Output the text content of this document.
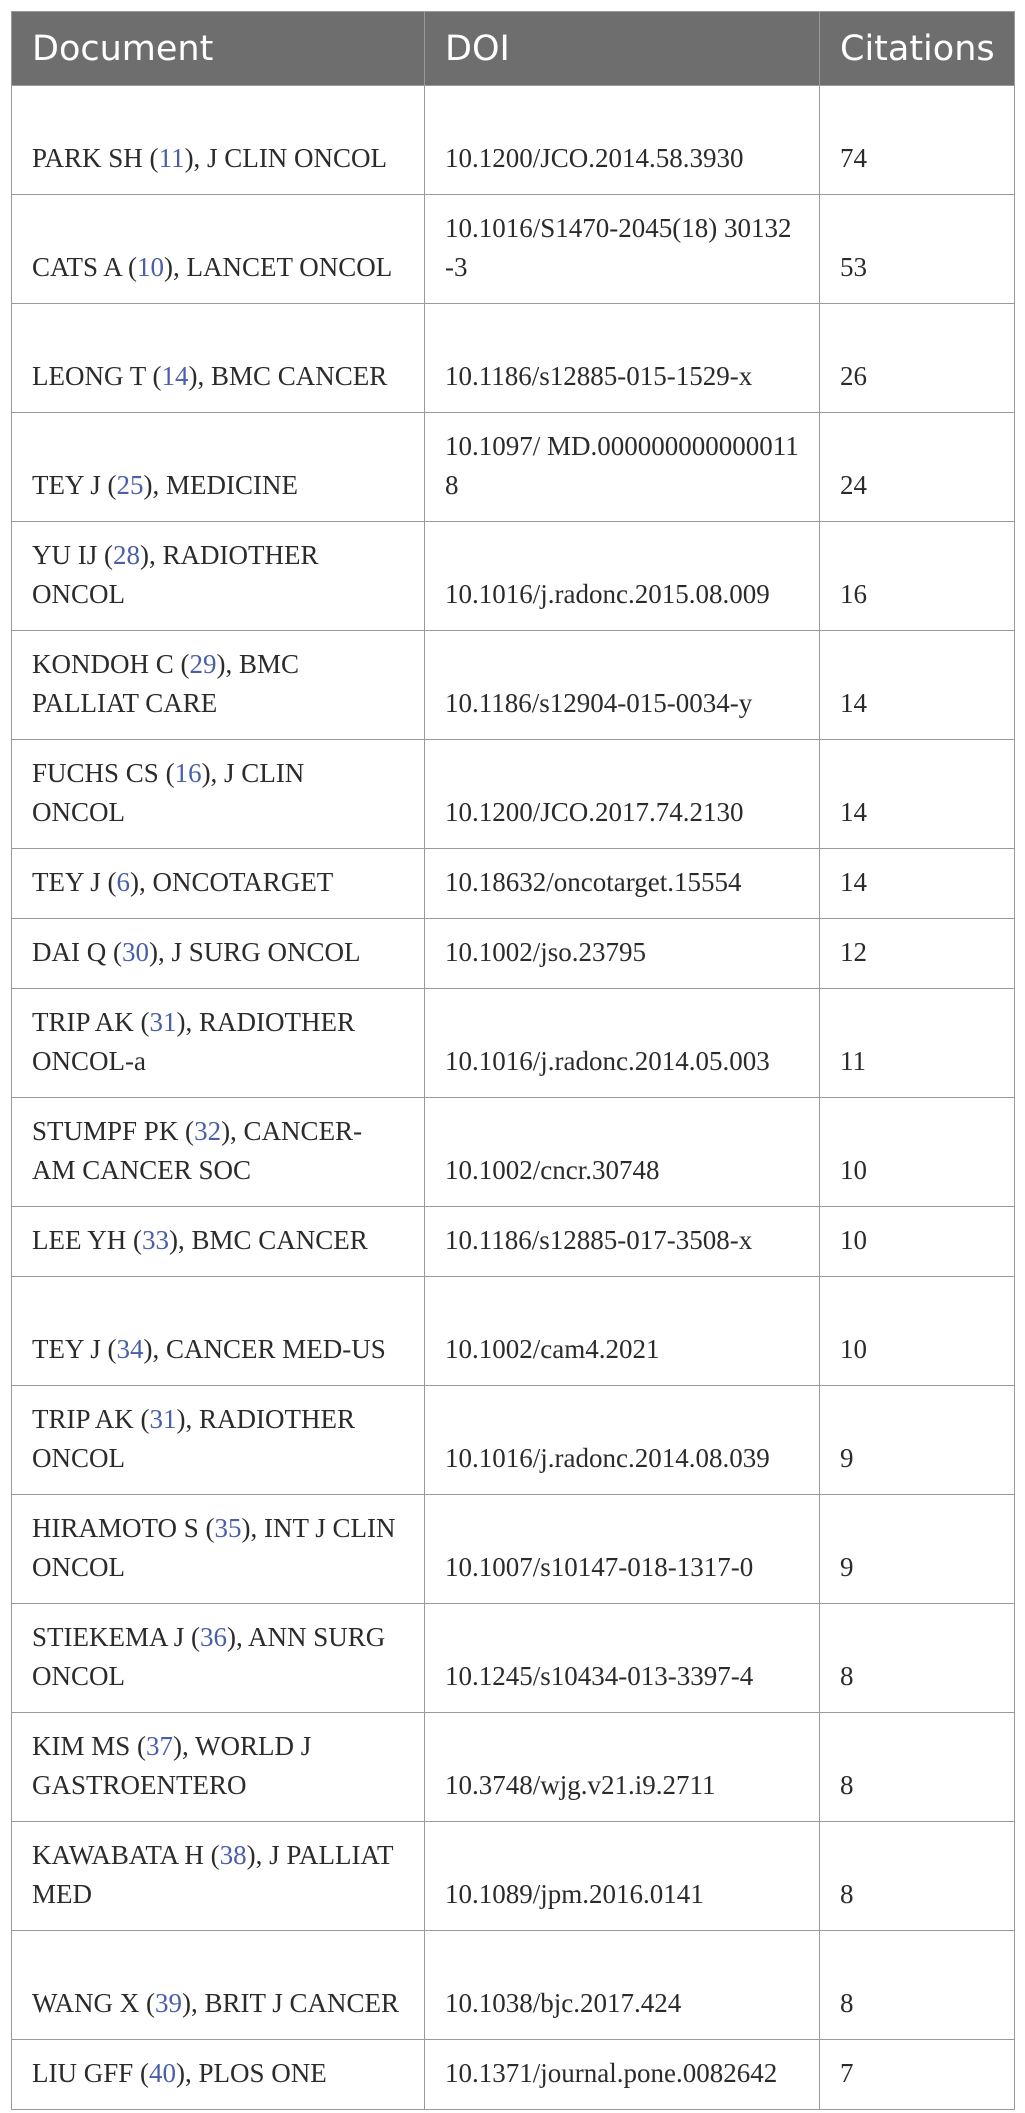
Document	DOI	Citations
PARK SH (11), J CLIN ONCOL	10.1200/JCO.2014.58.3930	74
CATS A (10), LANCET ONCOL	10.1016/S1470-2045(18) 30132-3	53
LEONG T (14), BMC CANCER	10.1186/s12885-015-1529-x	26
TEY J (25), MEDICINE	10.1097/ MD.0000000000000118	24
YU IJ (28), RADIOTHER ONCOL	10.1016/j.radonc.2015.08.009	16
KONDOH C (29), BMC PALLIAT CARE	10.1186/s12904-015-0034-y	14
FUCHS CS (16), J CLIN ONCOL	10.1200/JCO.2017.74.2130	14
TEY J (6), ONCOTARGET	10.18632/oncotarget.15554	14
DAI Q (30), J SURG ONCOL	10.1002/jso.23795	12
TRIP AK (31), RADIOTHER ONCOL-a	10.1016/j.radonc.2014.05.003	11
STUMPF PK (32), CANCER-AM CANCER SOC	10.1002/cncr.30748	10
LEE YH (33), BMC CANCER	10.1186/s12885-017-3508-x	10
TEY J (34), CANCER MED-US	10.1002/cam4.2021	10
TRIP AK (31), RADIOTHER ONCOL	10.1016/j.radonc.2014.08.039	9
HIRAMOTO S (35), INT J CLIN ONCOL	10.1007/s10147-018-1317-0	9
STIEKEMA J (36), ANN SURG ONCOL	10.1245/s10434-013-3397-4	8
KIM MS (37), WORLD J GASTROENTERO	10.3748/wjg.v21.i9.2711	8
KAWABATA H (38), J PALLIAT MED	10.1089/jpm.2016.0141	8
WANG X (39), BRIT J CANCER	10.1038/bjc.2017.424	8
LIU GFF (40), PLOS ONE	10.1371/journal.pone.0082642	7
